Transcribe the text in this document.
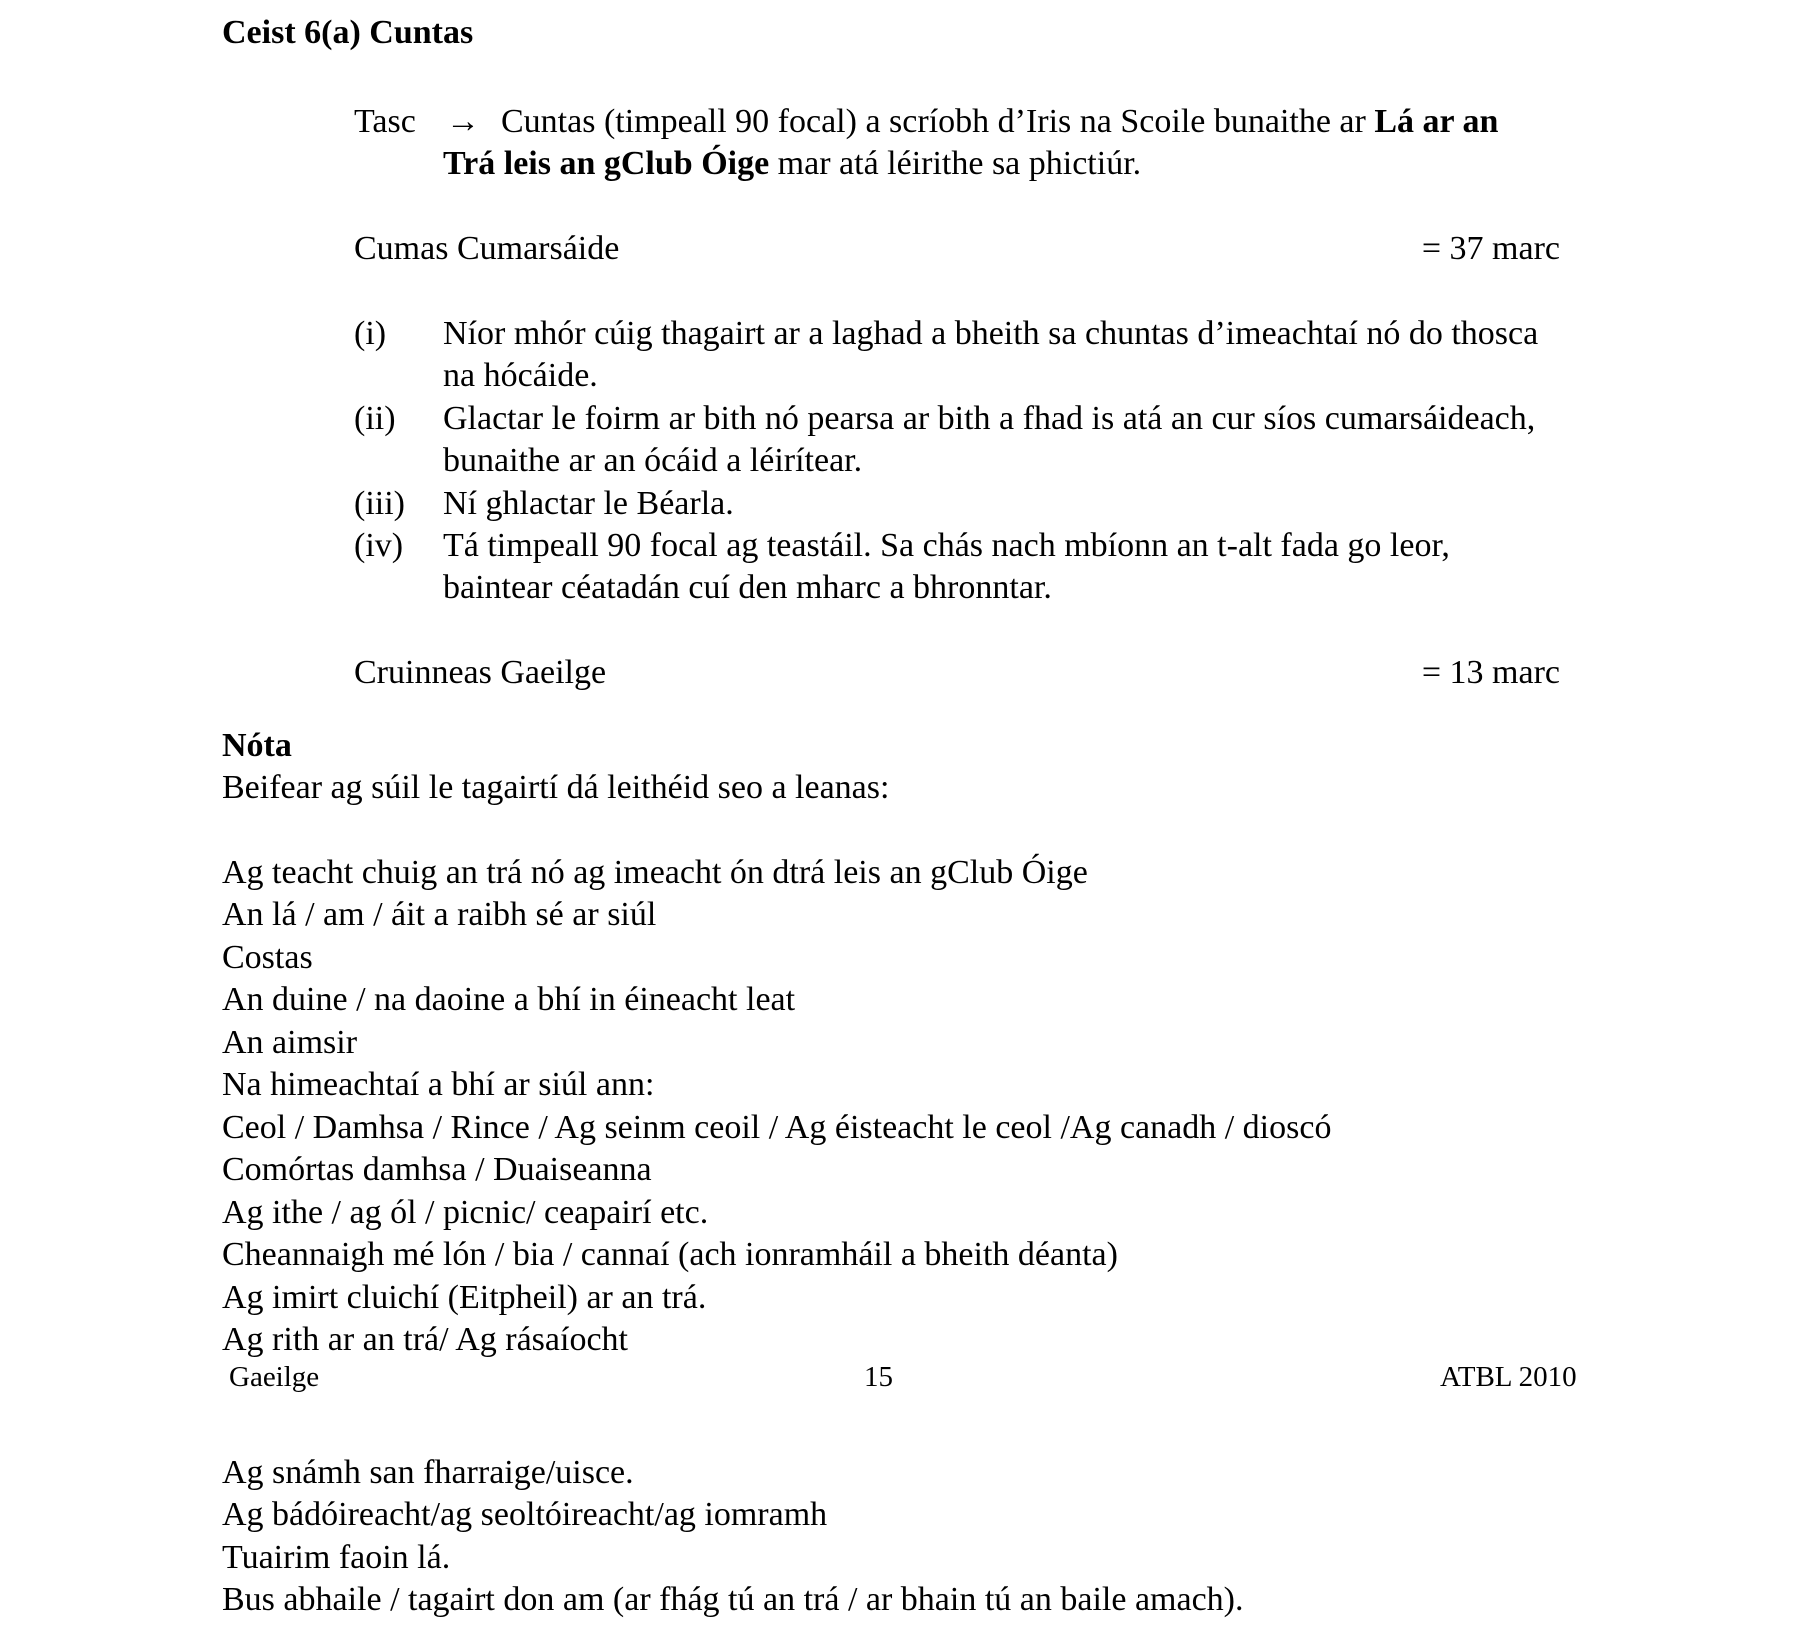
Ceist 6(a) Cuntas
Tasc → Cuntas (timpeall 90 focal) a scríobh d’Iris na Scoile bunaithe ar Lá ar an
Trá leis an gClub Óige mar atá léirithe sa phictiúr.
Cumas Cumarsáide	= 37 marc
(i) Níor mhór cúig thagairt ar a laghad a bheith sa chuntas d’imeachtaí nó do thosca
na hócáide.
(ii) Glactar le foirm ar bith nó pearsa ar bith a fhad is atá an cur síos cumarsáideach,
bunaithe ar an ócáid a léirítear.
(iii) Ní ghlactar le Béarla.
(iv) Tá timpeall 90 focal ag teastáil. Sa chás nach mbíonn an t-alt fada go leor,
baintear céatadán cuí den mharc a bhronntar.
Cruinneas Gaeilge	= 13 marc
Nóta
Beifear ag súil le tagairtí dá leithéid seo a leanas:
Ag teacht chuig an trá nó ag imeacht ón dtrá leis an gClub Óige
An lá / am / áit a raibh sé ar siúl
Costas
An duine / na daoine a bhí in éineacht leat
An aimsir
Na himeachtaí a bhí ar siúl ann:
Ceol / Damhsa / Rince / Ag seinm ceoil / Ag éisteacht le ceol /Ag canadh / dioscó
Comórtas damhsa / Duaiseanna
Ag ithe / ag ól / picnic/ ceapairí etc.
Cheannaigh mé lón / bia / cannaí (ach ionramháil a bheith déanta)
Ag imirt cluichí (Eitpheil) ar an trá.
Ag rith ar an trá/ Ag rásaíocht
Gaeilge	15	ATBL 2010
Ag snámh san fharraige/uisce.
Ag bádóireacht/ag seoltóireacht/ag iomramh
Tuairim faoin lá.
Bus abhaile / tagairt don am (ar fhág tú an trá / ar bhain tú an baile amach).
